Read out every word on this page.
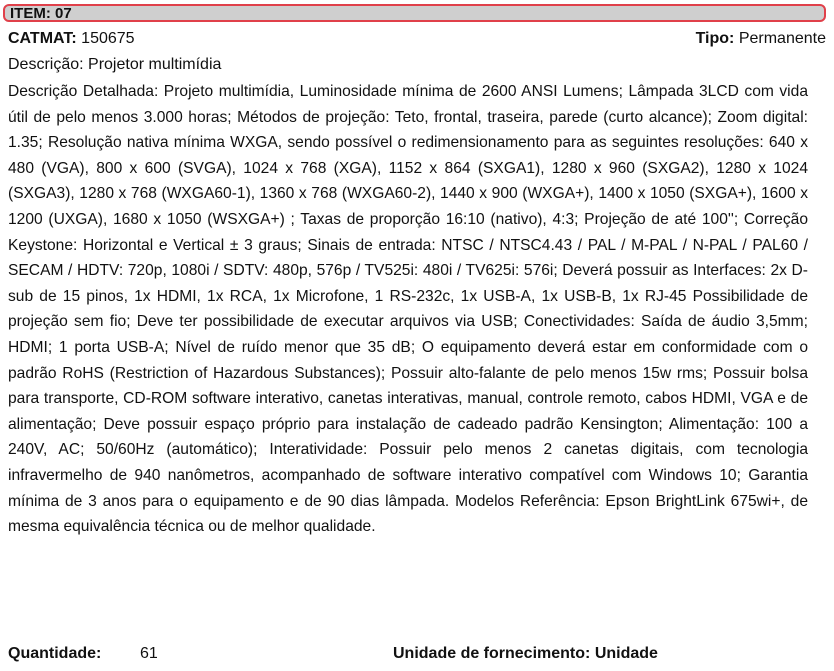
ITEM: 07
CATMAT: 150675	Tipo: Permanente
Descrição: Projetor multimídia
Descrição Detalhada: Projeto multimídia, Luminosidade mínima de 2600 ANSI Lumens; Lâmpada 3LCD com vida útil de pelo menos 3.000 horas; Métodos de projeção: Teto, frontal, traseira, parede (curto alcance); Zoom digital: 1.35; Resolução nativa mínima WXGA, sendo possível o redimensionamento para as seguintes resoluções: 640 x 480 (VGA), 800 x 600 (SVGA), 1024 x 768 (XGA), 1152 x 864 (SXGA1), 1280 x 960 (SXGA2), 1280 x 1024 (SXGA3), 1280 x 768 (WXGA60-1), 1360 x 768 (WXGA60-2), 1440 x 900 (WXGA+), 1400 x 1050 (SXGA+), 1600 x 1200 (UXGA), 1680 x 1050 (WSXGA+) ; Taxas de proporção 16:10 (nativo), 4:3; Projeção de até 100''; Correção Keystone: Horizontal e Vertical ± 3 graus; Sinais de entrada: NTSC / NTSC4.43 / PAL / M-PAL / N-PAL / PAL60 / SECAM / HDTV: 720p, 1080i / SDTV: 480p, 576p / TV525i: 480i / TV625i: 576i; Deverá possuir as Interfaces: 2x D-sub de 15 pinos, 1x HDMI, 1x RCA, 1x Microfone, 1 RS-232c, 1x USB-A, 1x USB-B, 1x RJ-45 Possibilidade de projeção sem fio; Deve ter possibilidade de executar arquivos via USB; Conectividades: Saída de áudio 3,5mm; HDMI; 1 porta USB-A; Nível de ruído menor que 35 dB; O equipamento deverá estar em conformidade com o padrão RoHS (Restriction of Hazardous Substances); Possuir alto-falante de pelo menos 15w rms; Possuir bolsa para transporte, CD-ROM software interativo, canetas interativas, manual, controle remoto, cabos HDMI, VGA e de alimentação; Deve possuir espaço próprio para instalação de cadeado padrão Kensington; Alimentação: 100 a 240V, AC; 50/60Hz (automático); Interatividade: Possuir pelo menos 2 canetas digitais, com tecnologia infravermelho de 940 nanômetros, acompanhado de software interativo compatível com Windows 10; Garantia mínima de 3 anos para o equipamento e de 90 dias lâmpada. Modelos Referência: Epson BrightLink 675wi+, de mesma equivalência técnica ou de melhor qualidade.
Quantidade: 61	Unidade de fornecimento: Unidade
